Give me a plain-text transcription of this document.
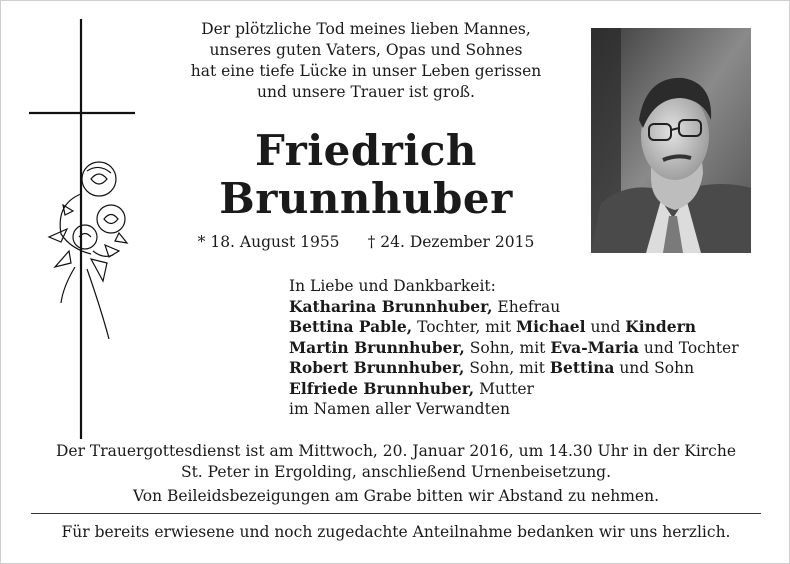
Der plötzliche Tod meines lieben Mannes,
unseres guten Vaters, Opas und Sohnes
hat eine tiefe Lücke in unser Leben gerissen
und unsere Trauer ist groß.
Friedrich
Brunnhuber
* 18. August 1955 † 24. Dezember 2015
In Liebe und Dankbarkeit:
Katharina Brunnhuber, Ehefrau
Bettina Pable, Tochter, mit Michael und Kindern
Martin Brunnhuber, Sohn, mit Eva-Maria und Tochter
Robert Brunnhuber, Sohn, mit Bettina und Sohn
Elfriede Brunnhuber, Mutter
im Namen aller Verwandten
Der Trauergottesdienst ist am Mittwoch, 20. Januar 2016, um 14.30 Uhr in der Kirche
St. Peter in Ergolding, anschließend Urnenbeisetzung.
Von Beileidsbezeigungen am Grabe bitten wir Abstand zu nehmen.
Für bereits erwiesene und noch zugedachte Anteilnahme bedanken wir uns herzlich.
